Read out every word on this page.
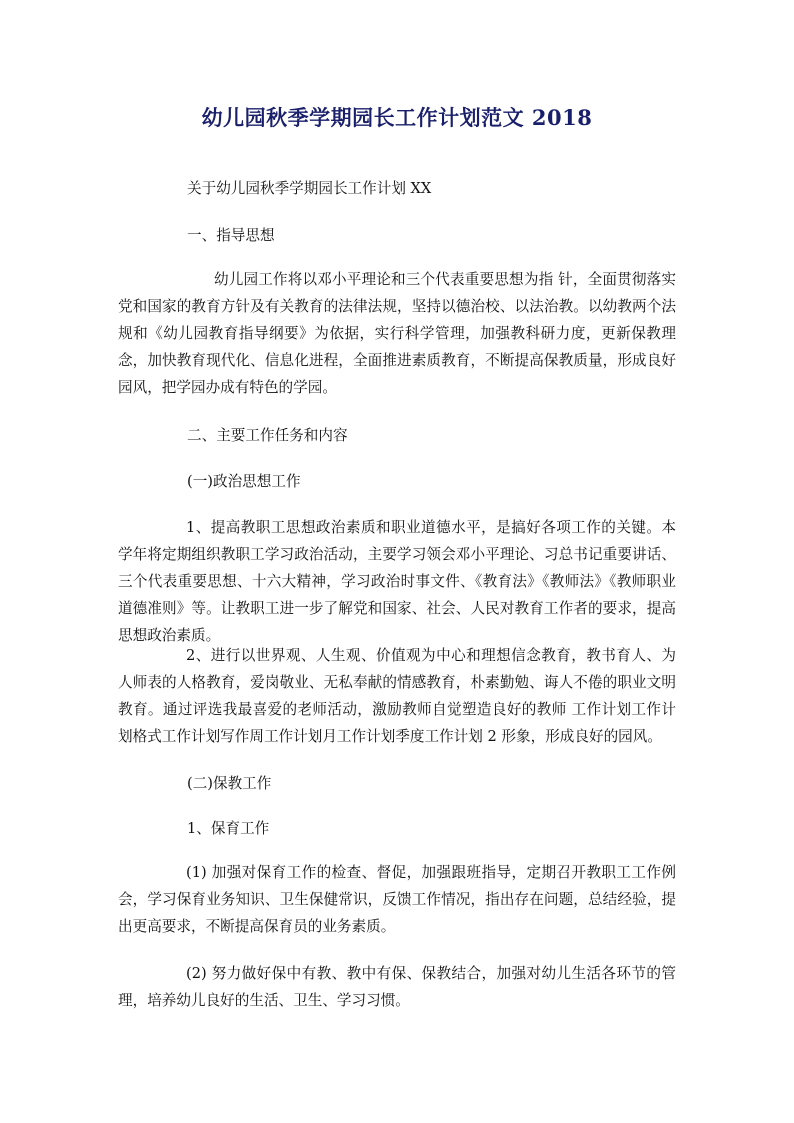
幼儿园秋季学期园长工作计划范文 2018

关于幼儿园秋季学期园长工作计划 XX

一、指导思想

幼儿园工作将以邓小平理论和三个代表重要思想为指 针，全面贯彻落实党和国家的教育方针及有关教育的法律法规，坚持以德治校、以法治教。以幼教两个法规和《幼儿园教育指导纲要》为依据，实行科学管理，加强教科研力度，更新保教理念，加快教育现代化、信息化进程，全面推进素质教育，不断提高保教质量，形成良好园风，把学园办成有特色的学园。

二、主要工作任务和内容

(一)政治思想工作

1、提高教职工思想政治素质和职业道德水平，是搞好各项工作的关键。本学年将定期组织教职工学习政治活动，主要学习领会邓小平理论、习总书记重要讲话、三个代表重要思想、十六大精神，学习政治时事文件、《教育法》《教师法》《教师职业道德准则》等。让教职工进一步了解党和国家、社会、人民对教育工作者的要求，提高思想政治素质。

2、进行以世界观、人生观、价值观为中心和理想信念教育，教书育人、为人师表的人格教育，爱岗敬业、无私奉献的情感教育，朴素勤勉、诲人不倦的职业文明教育。通过评选我最喜爱的老师活动，激励教师自觉塑造良好的教师 工作计划工作计划格式工作计划写作周工作计划月工作计划季度工作计划 2 形象，形成良好的园风。

(二)保教工作

1、保育工作

(1) 加强对保育工作的检查、督促，加强跟班指导，定期召开教职工工作例会，学习保育业务知识、卫生保健常识，反馈工作情况，指出存在问题，总结经验，提出更高要求，不断提高保育员的业务素质。

(2) 努力做好保中有教、教中有保、保教结合，加强对幼儿生活各环节的管理，培养幼儿良好的生活、卫生、学习习惯。
